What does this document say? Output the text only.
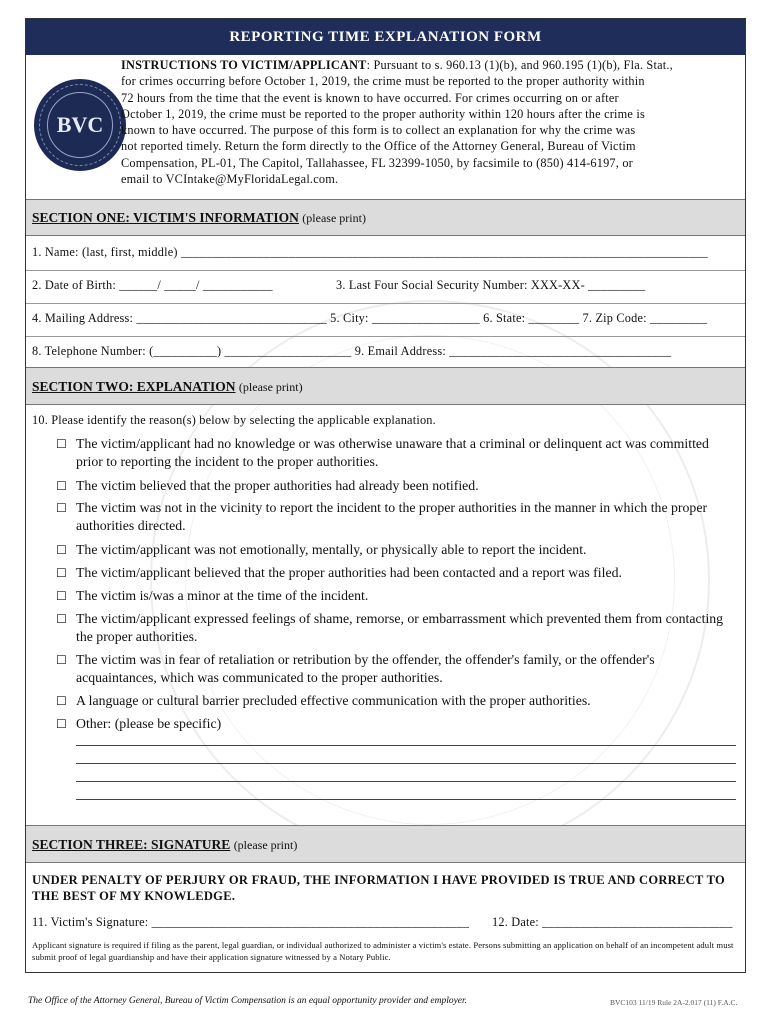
REPORTING TIME EXPLANATION FORM
BVC
INSTRUCTIONS TO VICTIM/APPLICANT: Pursuant to s. 960.13 (1)(b), and 960.195 (1)(b), Fla. Stat.,
for crimes occurring before October 1, 2019, the crime must be reported to the proper authority within
72 hours from the time that the event is known to have occurred. For crimes occurring on or after
October 1, 2019, the crime must be reported to the proper authority within 120 hours after the crime is
known to have occurred. The purpose of this form is to collect an explanation for why the crime was
not reported timely. Return the form directly to the Office of the Attorney General, Bureau of Victim
Compensation, PL-01, The Capitol, Tallahassee, FL 32399-1050, by facsimile to (850) 414-6197, or
email to VCIntake@MyFloridaLegal.com.
SECTION ONE: VICTIM'S INFORMATION (please print)
1. Name: (last, first, middle) ___________________________________________________________________________________
2. Date of Birth: ______/ _____/ ___________	3. Last Four Social Security Number: XXX-XX- _________
4. Mailing Address: ______________________________ 5. City: _________________ 6. State: ________ 7. Zip Code: _________
8. Telephone Number: (__________) ____________________ 9. Email Address: ___________________________________
SECTION TWO: EXPLANATION (please print)
10. Please identify the reason(s) below by selecting the applicable explanation.
☐ The victim/applicant had no knowledge or was otherwise unaware that a criminal or delinquent act was committed prior to reporting the incident to the proper authorities.
☐ The victim believed that the proper authorities had already been notified.
☐ The victim was not in the vicinity to report the incident to the proper authorities in the manner in which the proper authorities directed.
☐ The victim/applicant was not emotionally, mentally, or physically able to report the incident.
☐ The victim/applicant believed that the proper authorities had been contacted and a report was filed.
☐ The victim is/was a minor at the time of the incident.
☐ The victim/applicant expressed feelings of shame, remorse, or embarrassment which prevented them from contacting the proper authorities.
☐ The victim was in fear of retaliation or retribution by the offender, the offender's family, or the offender's acquaintances, which was communicated to the proper authorities.
☐ A language or cultural barrier precluded effective communication with the proper authorities.
☐ Other: (please be specific)
SECTION THREE: SIGNATURE (please print)
UNDER PENALTY OF PERJURY OR FRAUD, THE INFORMATION I HAVE PROVIDED IS TRUE AND CORRECT TO THE BEST OF MY KNOWLEDGE.
11. Victim's Signature: __________________________________________________ 12. Date: ______________________________
Applicant signature is required if filing as the parent, legal guardian, or individual authorized to administer a victim's estate. Persons submitting an application on behalf of an incompetent adult must submit proof of legal guardianship and have their application signature witnessed by a Notary Public.
The Office of the Attorney General, Bureau of Victim Compensation is an equal opportunity provider and employer.	BVC103 11/19 Rule 2A-2.017 (11) F.A.C.
